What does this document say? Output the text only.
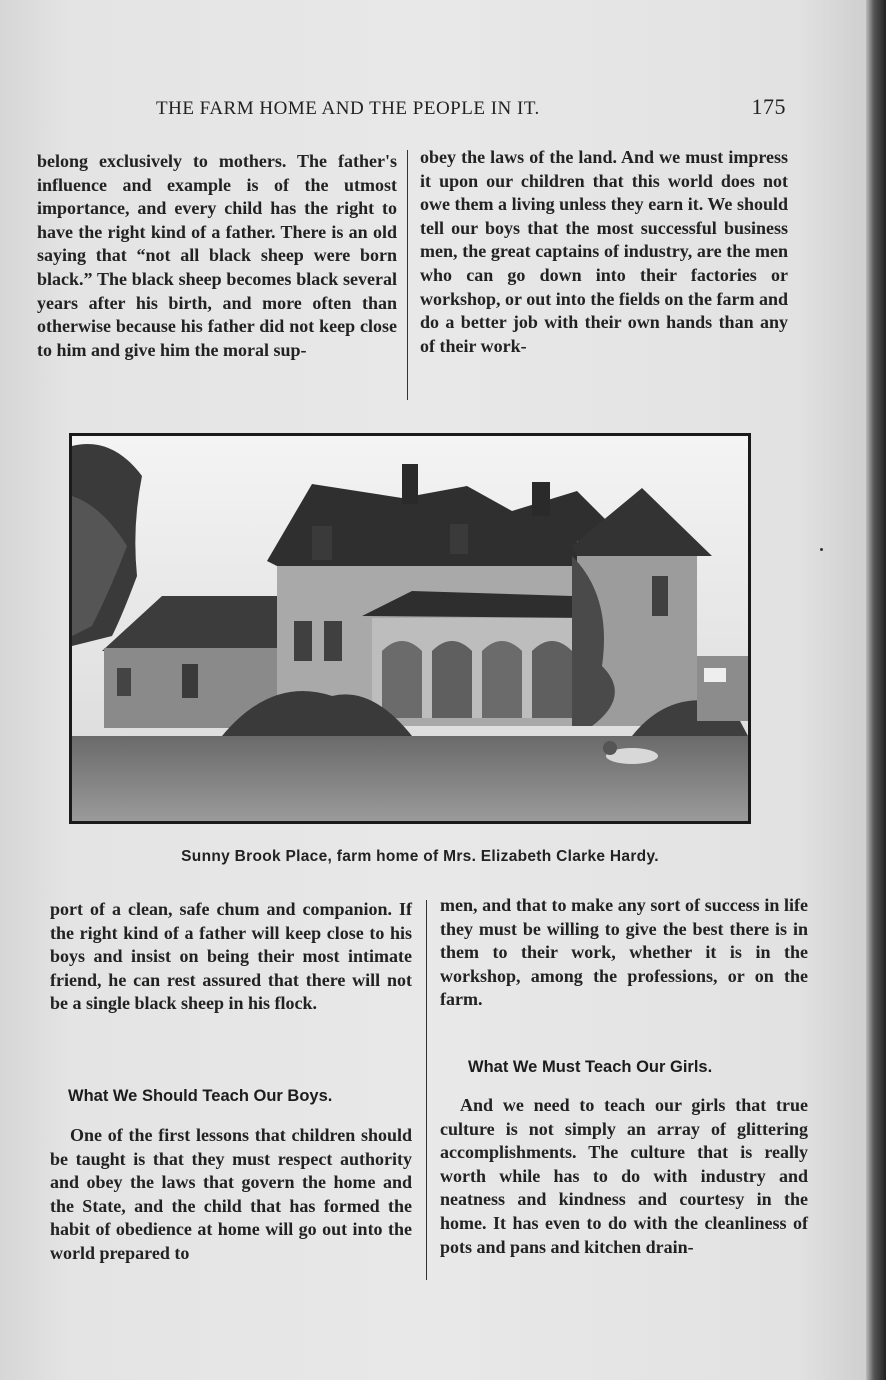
THE FARM HOME AND THE PEOPLE IN IT.	175

belong exclusively to mothers. The father's influence and example is of the utmost importance, and every child has the right to have the right kind of a father. There is an old saying that “not all black sheep were born black.” The black sheep becomes black several years after his birth, and more often than otherwise because his father did not keep close to him and give him the moral sup-

obey the laws of the land. And we must impress it upon our children that this world does not owe them a living unless they earn it. We should tell our boys that the most successful business men, the great captains of industry, are the men who can go down into their factories or workshop, or out into the fields on the farm and do a better job with their own hands than any of their work-

Sunny Brook Place, farm home of Mrs. Elizabeth Clarke Hardy.

port of a clean, safe chum and companion. If the right kind of a father will keep close to his boys and insist on being their most intimate friend, he can rest assured that there will not be a single black sheep in his flock.

What We Should Teach Our Boys.

One of the first lessons that children should be taught is that they must respect authority and obey the laws that govern the home and the State, and the child that has formed the habit of obedience at home will go out into the world prepared to

men, and that to make any sort of success in life they must be willing to give the best there is in them to their work, whether it is in the workshop, among the professions, or on the farm.

What We Must Teach Our Girls.

And we need to teach our girls that true culture is not simply an array of glittering accomplishments. The culture that is really worth while has to do with industry and neatness and kindness and courtesy in the home. It has even to do with the cleanliness of pots and pans and kitchen drain-
